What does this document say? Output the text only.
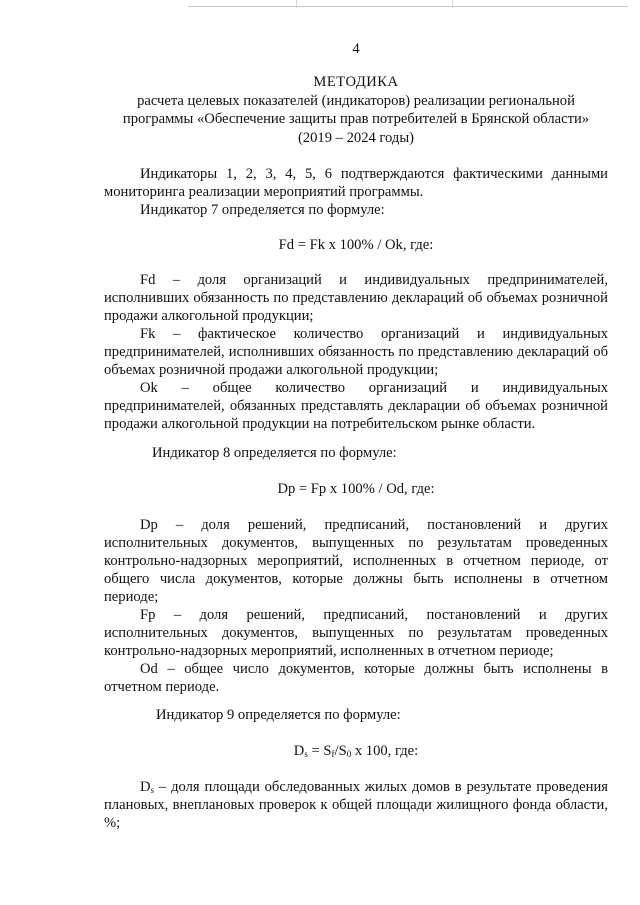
4
МЕТОДИКА
расчета целевых показателей (индикаторов) реализации региональной
программы «Обеспечение защиты прав потребителей в Брянской области»
(2019 – 2024 годы)
Индикаторы 1, 2, 3, 4, 5, 6 подтверждаются фактическими данными мониторинга реализации мероприятий программы.
Индикатор 7 определяется по формуле:
Fd = Fk x 100% / Ok, где:
Fd – доля организаций и индивидуальных предпринимателей, исполнивших обязанность по представлению деклараций об объемах розничной продажи алкогольной продукции;
Fk – фактическое количество организаций и индивидуальных предпринимателей, исполнивших обязанность по представлению деклараций об объемах розничной продажи алкогольной продукции;
Ok – общее количество организаций и индивидуальных предпринимателей, обязанных представлять декларации об объемах розничной продажи алкогольной продукции на потребительском рынке области.
Индикатор 8 определяется по формуле:
Dp = Fp x 100% / Od, где:
Dp – доля решений, предписаний, постановлений и других исполнительных документов, выпущенных по результатам проведенных контрольно-надзорных мероприятий, исполненных в отчетном периоде, от общего числа документов, которые должны быть исполнены в отчетном периоде;
Fp – доля решений, предписаний, постановлений и других исполнительных документов, выпущенных по результатам проведенных контрольно-надзорных мероприятий, исполненных в отчетном периоде;
Od – общее число документов, которые должны быть исполнены в отчетном периоде.
Индикатор 9 определяется по формуле:
$D_s = S_f/S_0$ x 100, где:
$D_s$ – доля площади обследованных жилых домов в результате проведения плановых, внеплановых проверок к общей площади жилищного фонда области, %;
